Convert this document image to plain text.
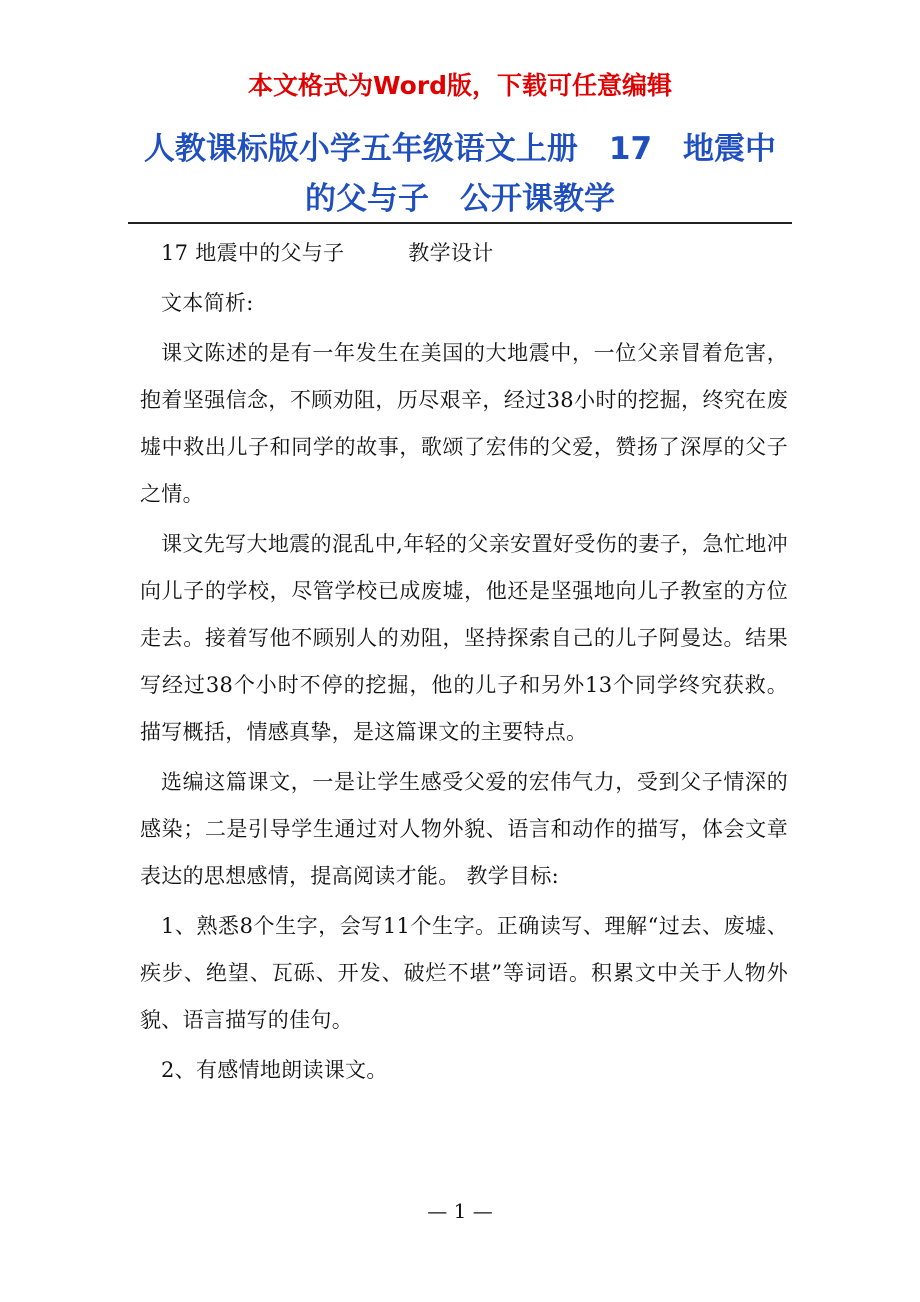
本文格式为Word版，下载可任意编辑
人教课标版小学五年级语文上册　17　地震中的父与子　公开课教学

17 地震中的父与子　　　教学设计

文本简析:

课文陈述的是有一年发生在美国的大地震中，一位父亲冒着危害，抱着坚强信念，不顾劝阻，历尽艰辛，经过38小时的挖掘，终究在废墟中救出儿子和同学的故事，歌颂了宏伟的父爱，赞扬了深厚的父子之情。

课文先写大地震的混乱中,年轻的父亲安置好受伤的妻子，急忙地冲向儿子的学校，尽管学校已成废墟，他还是坚强地向儿子教室的方位走去。接着写他不顾别人的劝阻，坚持探索自己的儿子阿曼达。结果写经过38个小时不停的挖掘，他的儿子和另外13个同学终究获救。描写概括，情感真挚，是这篇课文的主要特点。

选编这篇课文，一是让学生感受父爱的宏伟气力，受到父子情深的感染；二是引导学生通过对人物外貌、语言和动作的描写，体会文章表达的思想感情，提高阅读才能。 教学目标:

1、熟悉8个生字，会写11个生字。正确读写、理解“过去、废墟、疾步、绝望、瓦砾、开发、破烂不堪”等词语。积累文中关于人物外貌、语言描写的佳句。

2、有感情地朗读课文。

— 1 —
